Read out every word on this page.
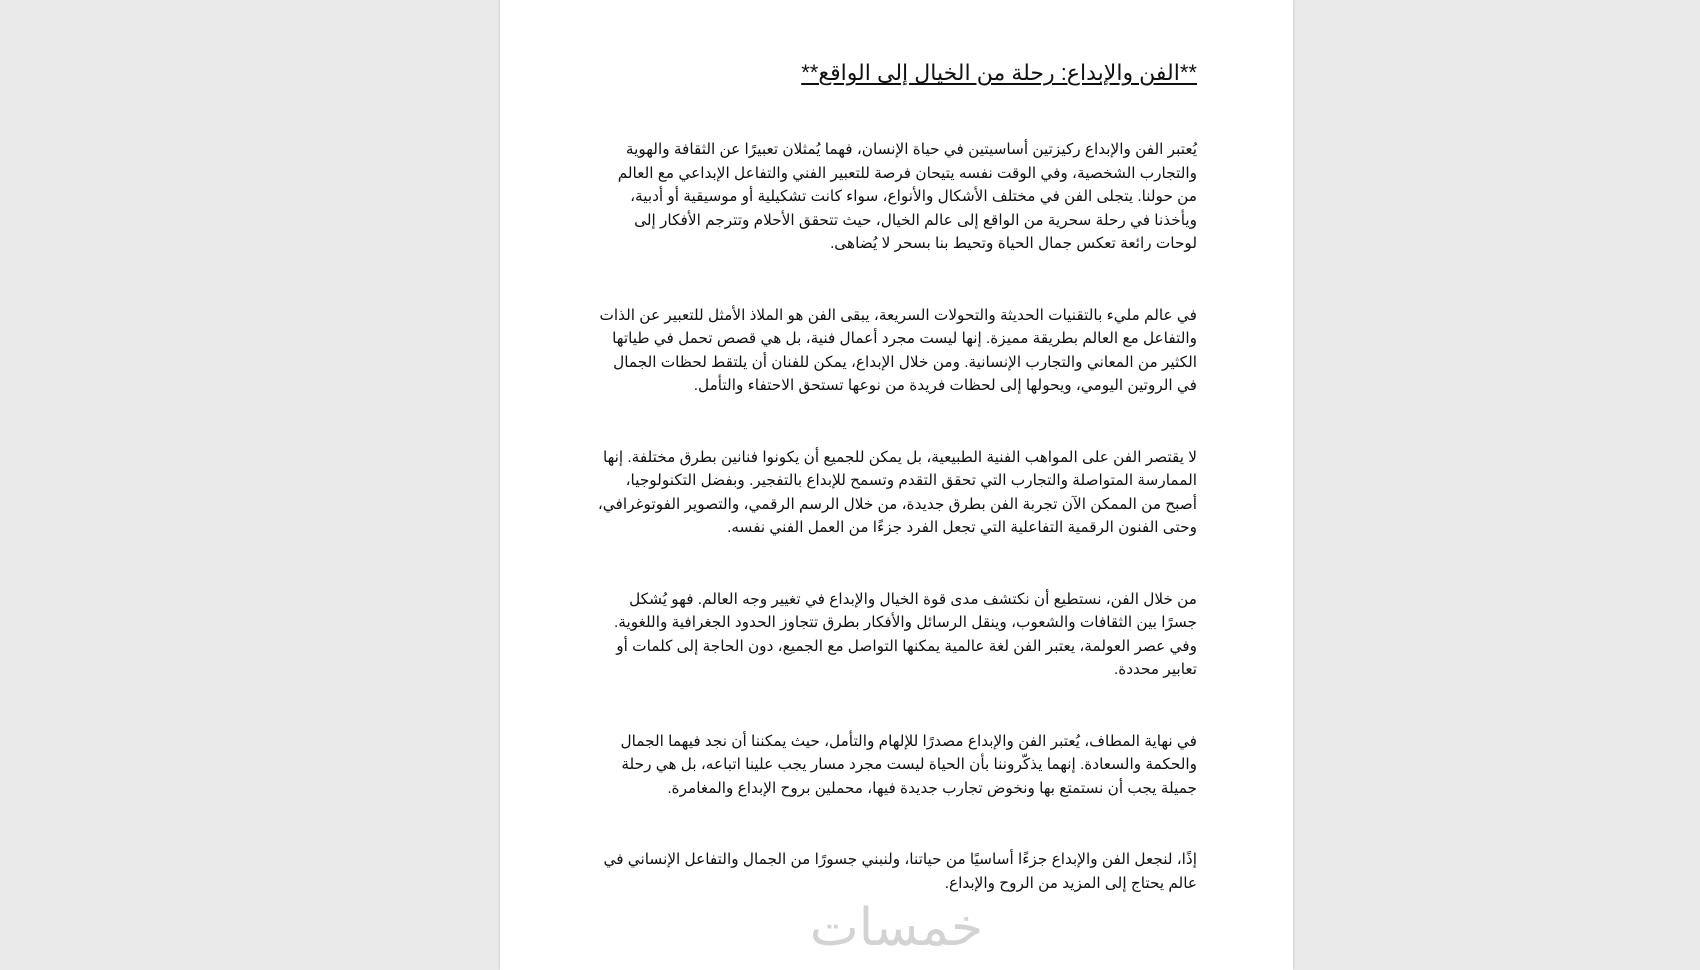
**الفن والإبداع: رحلة من الخيال إلى الواقع**

يُعتبر الفن والإبداع ركيزتين أساسيتين في حياة الإنسان، فهما يُمثلان تعبيرًا عن الثقافة والهوية والتجارب الشخصية، وفي الوقت نفسه يتيحان فرصة للتعبير الفني والتفاعل الإبداعي مع العالم من حولنا. يتجلى الفن في مختلف الأشكال والأنواع، سواء كانت تشكيلية أو موسيقية أو أدبية، ويأخذنا في رحلة سحرية من الواقع إلى عالم الخيال، حيث تتحقق الأحلام وتترجم الأفكار إلى لوحات رائعة تعكس جمال الحياة وتحيط بنا بسحر لا يُضاهى.

في عالم مليء بالتقنيات الحديثة والتحولات السريعة، يبقى الفن هو الملاذ الأمثل للتعبير عن الذات والتفاعل مع العالم بطريقة مميزة. إنها ليست مجرد أعمال فنية، بل هي قصص تحمل في طياتها الكثير من المعاني والتجارب الإنسانية. ومن خلال الإبداع، يمكن للفنان أن يلتقط لحظات الجمال في الروتين اليومي، ويحولها إلى لحظات فريدة من نوعها تستحق الاحتفاء والتأمل.

لا يقتصر الفن على المواهب الفنية الطبيعية، بل يمكن للجميع أن يكونوا فنانين بطرق مختلفة. إنها الممارسة المتواصلة والتجارب التي تحقق التقدم وتسمح للإبداع بالتفجير. وبفضل التكنولوجيا، أصبح من الممكن الآن تجربة الفن بطرق جديدة، من خلال الرسم الرقمي، والتصوير الفوتوغرافي، وحتى الفنون الرقمية التفاعلية التي تجعل الفرد جزءًا من العمل الفني نفسه.

من خلال الفن، نستطيع أن نكتشف مدى قوة الخيال والإبداع في تغيير وجه العالم. فهو يُشكل جسرًا بين الثقافات والشعوب، وينقل الرسائل والأفكار بطرق تتجاوز الحدود الجغرافية واللغوية. وفي عصر العولمة، يعتبر الفن لغة عالمية يمكنها التواصل مع الجميع، دون الحاجة إلى كلمات أو تعابير محددة.

في نهاية المطاف، يُعتبر الفن والإبداع مصدرًا للإلهام والتأمل، حيث يمكننا أن نجد فيهما الجمال والحكمة والسعادة. إنهما يذكّروننا بأن الحياة ليست مجرد مسار يجب علينا اتباعه، بل هي رحلة جميلة يجب أن نستمتع بها ونخوض تجارب جديدة فيها، محملين بروح الإبداع والمغامرة.

إذًا، لنجعل الفن والإبداع جزءًا أساسيًا من حياتنا، ولنبني جسورًا من الجمال والتفاعل الإنساني في عالم يحتاج إلى المزيد من الروح والإبداع.

خمسات
